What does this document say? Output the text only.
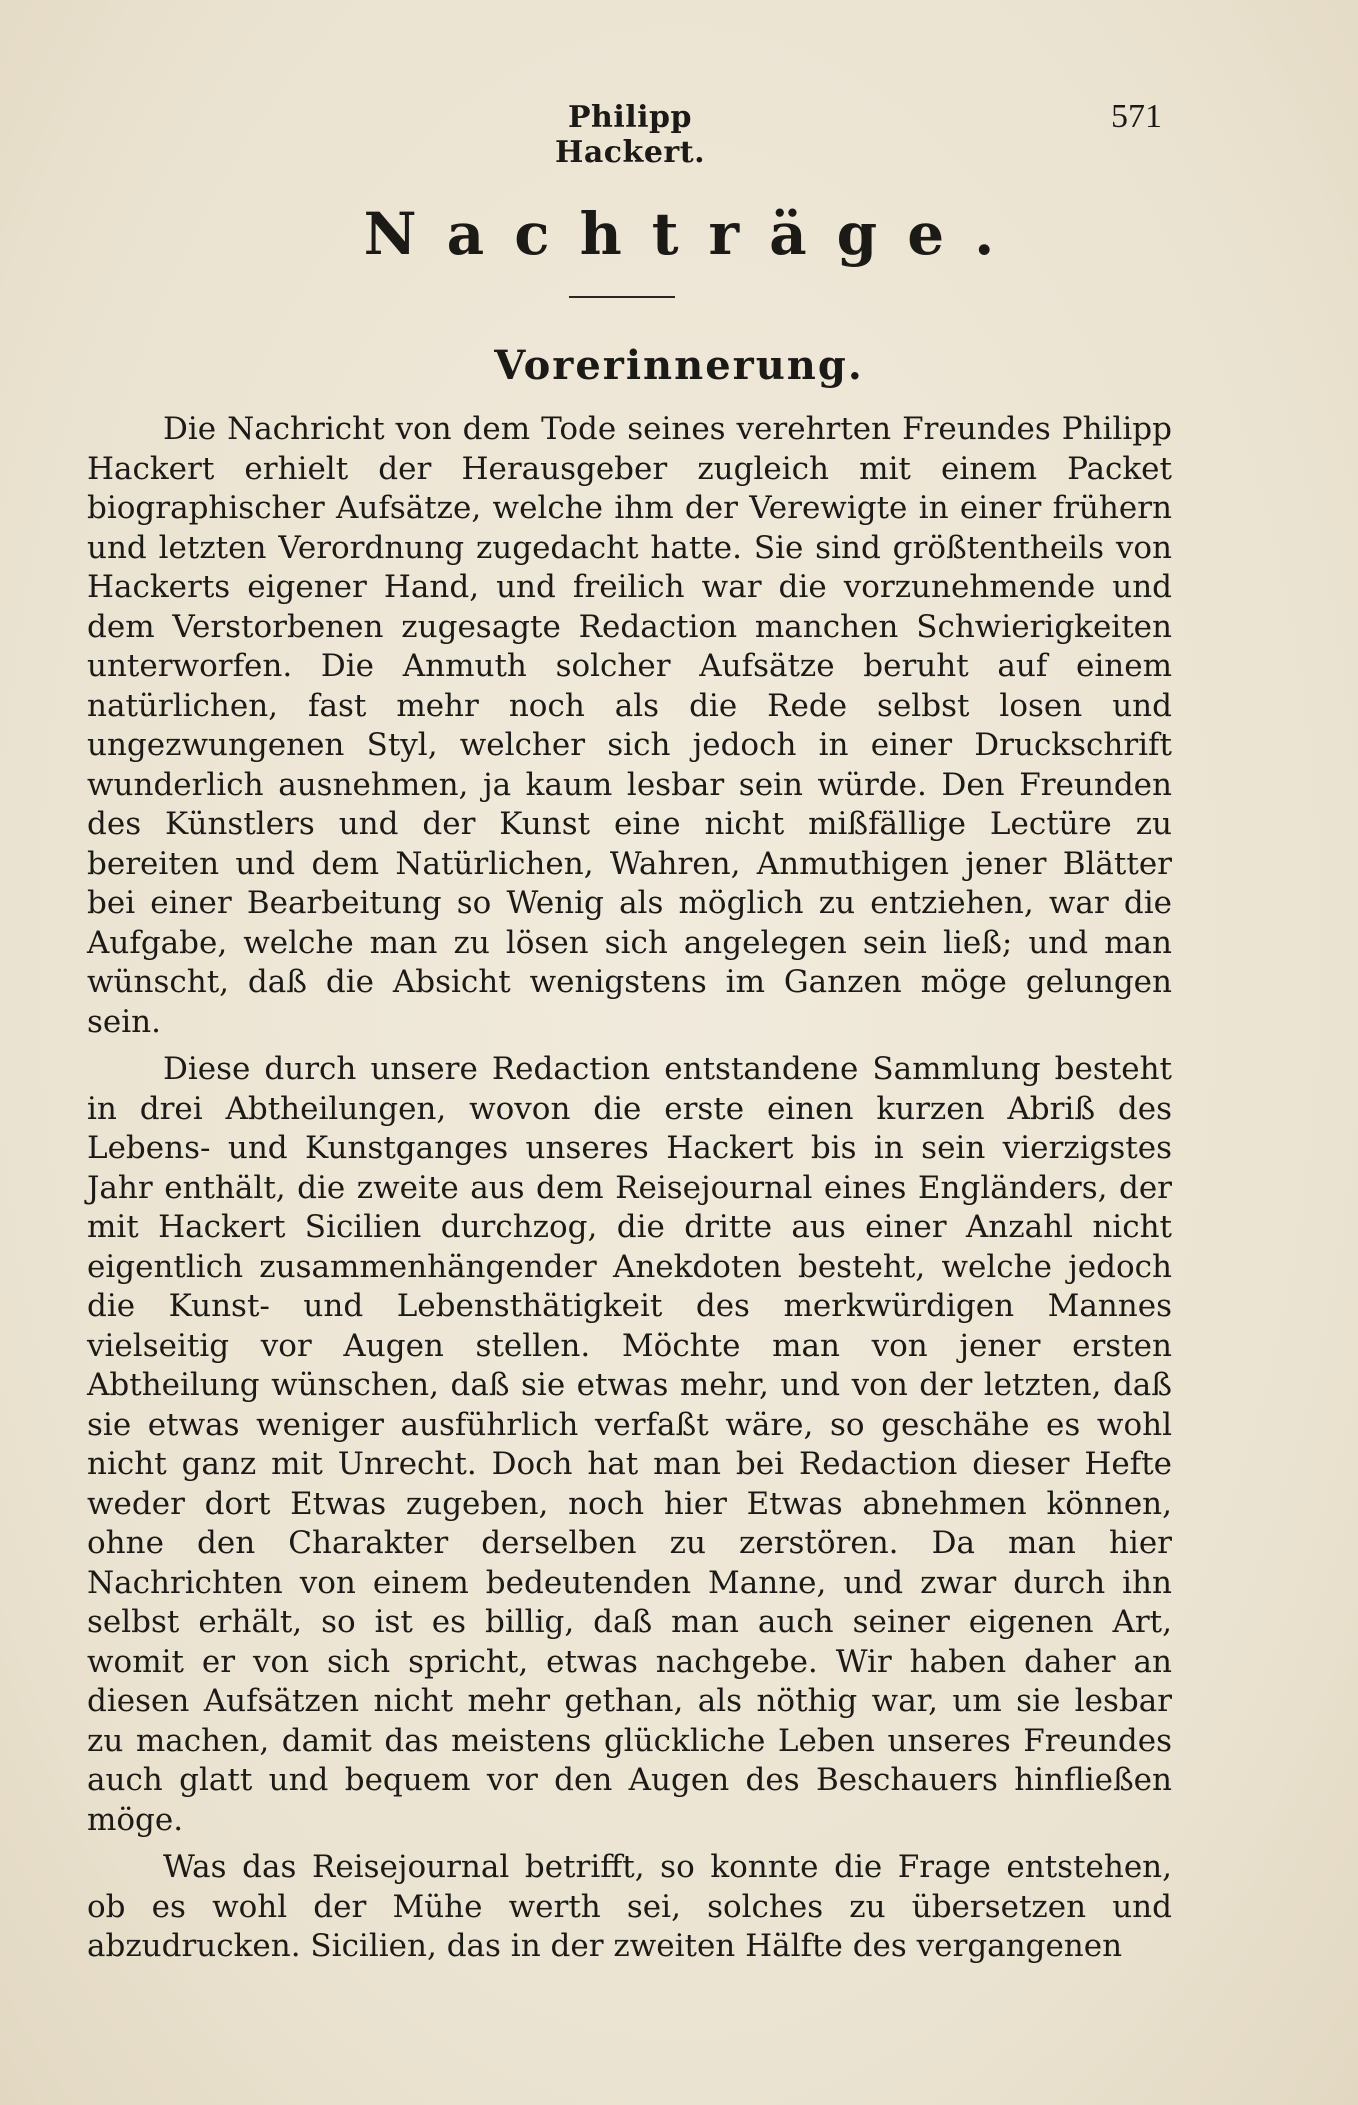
Philipp Hackert.
571
Nachträge.
Vorerinnerung.

Die Nachricht von dem Tode seines verehrten Freundes Philipp Hackert erhielt der Herausgeber zugleich mit einem Packet biographischer Aufsätze, welche ihm der Verewigte in einer frühern und letzten Verordnung zugedacht hatte. Sie sind größtentheils von Hackerts eigener Hand, und freilich war die vorzunehmende und dem Verstorbenen zugesagte Redaction manchen Schwierigkeiten unterworfen. Die Anmuth solcher Aufsätze beruht auf einem natürlichen, fast mehr noch als die Rede selbst losen und ungezwungenen Styl, welcher sich jedoch in einer Druckschrift wunderlich ausnehmen, ja kaum lesbar sein würde. Den Freunden des Künstlers und der Kunst eine nicht mißfällige Lectüre zu bereiten und dem Natürlichen, Wahren, Anmuthigen jener Blätter bei einer Bearbeitung so Wenig als möglich zu entziehen, war die Aufgabe, welche man zu lösen sich angelegen sein ließ; und man wünscht, daß die Absicht wenigstens im Ganzen möge gelungen sein.

Diese durch unsere Redaction entstandene Sammlung besteht in drei Abtheilungen, wovon die erste einen kurzen Abriß des Lebens- und Kunstganges unseres Hackert bis in sein vierzigstes Jahr enthält, die zweite aus dem Reisejournal eines Engländers, der mit Hackert Sicilien durchzog, die dritte aus einer Anzahl nicht eigentlich zusammenhängender Anekdoten besteht, welche jedoch die Kunst- und Lebensthätigkeit des merkwürdigen Mannes vielseitig vor Augen stellen. Möchte man von jener ersten Abtheilung wünschen, daß sie etwas mehr, und von der letzten, daß sie etwas weniger ausführlich verfaßt wäre, so geschähe es wohl nicht ganz mit Unrecht. Doch hat man bei Redaction dieser Hefte weder dort Etwas zugeben, noch hier Etwas abnehmen können, ohne den Charakter derselben zu zerstören. Da man hier Nachrichten von einem bedeutenden Manne, und zwar durch ihn selbst erhält, so ist es billig, daß man auch seiner eigenen Art, womit er von sich spricht, etwas nachgebe. Wir haben daher an diesen Aufsätzen nicht mehr gethan, als nöthig war, um sie lesbar zu machen, damit das meistens glückliche Leben unseres Freundes auch glatt und bequem vor den Augen des Beschauers hinfließen möge.

Was das Reisejournal betrifft, so konnte die Frage entstehen, ob es wohl der Mühe werth sei, solches zu übersetzen und abzudrucken. Sicilien, das in der zweiten Hälfte des vergangenen
